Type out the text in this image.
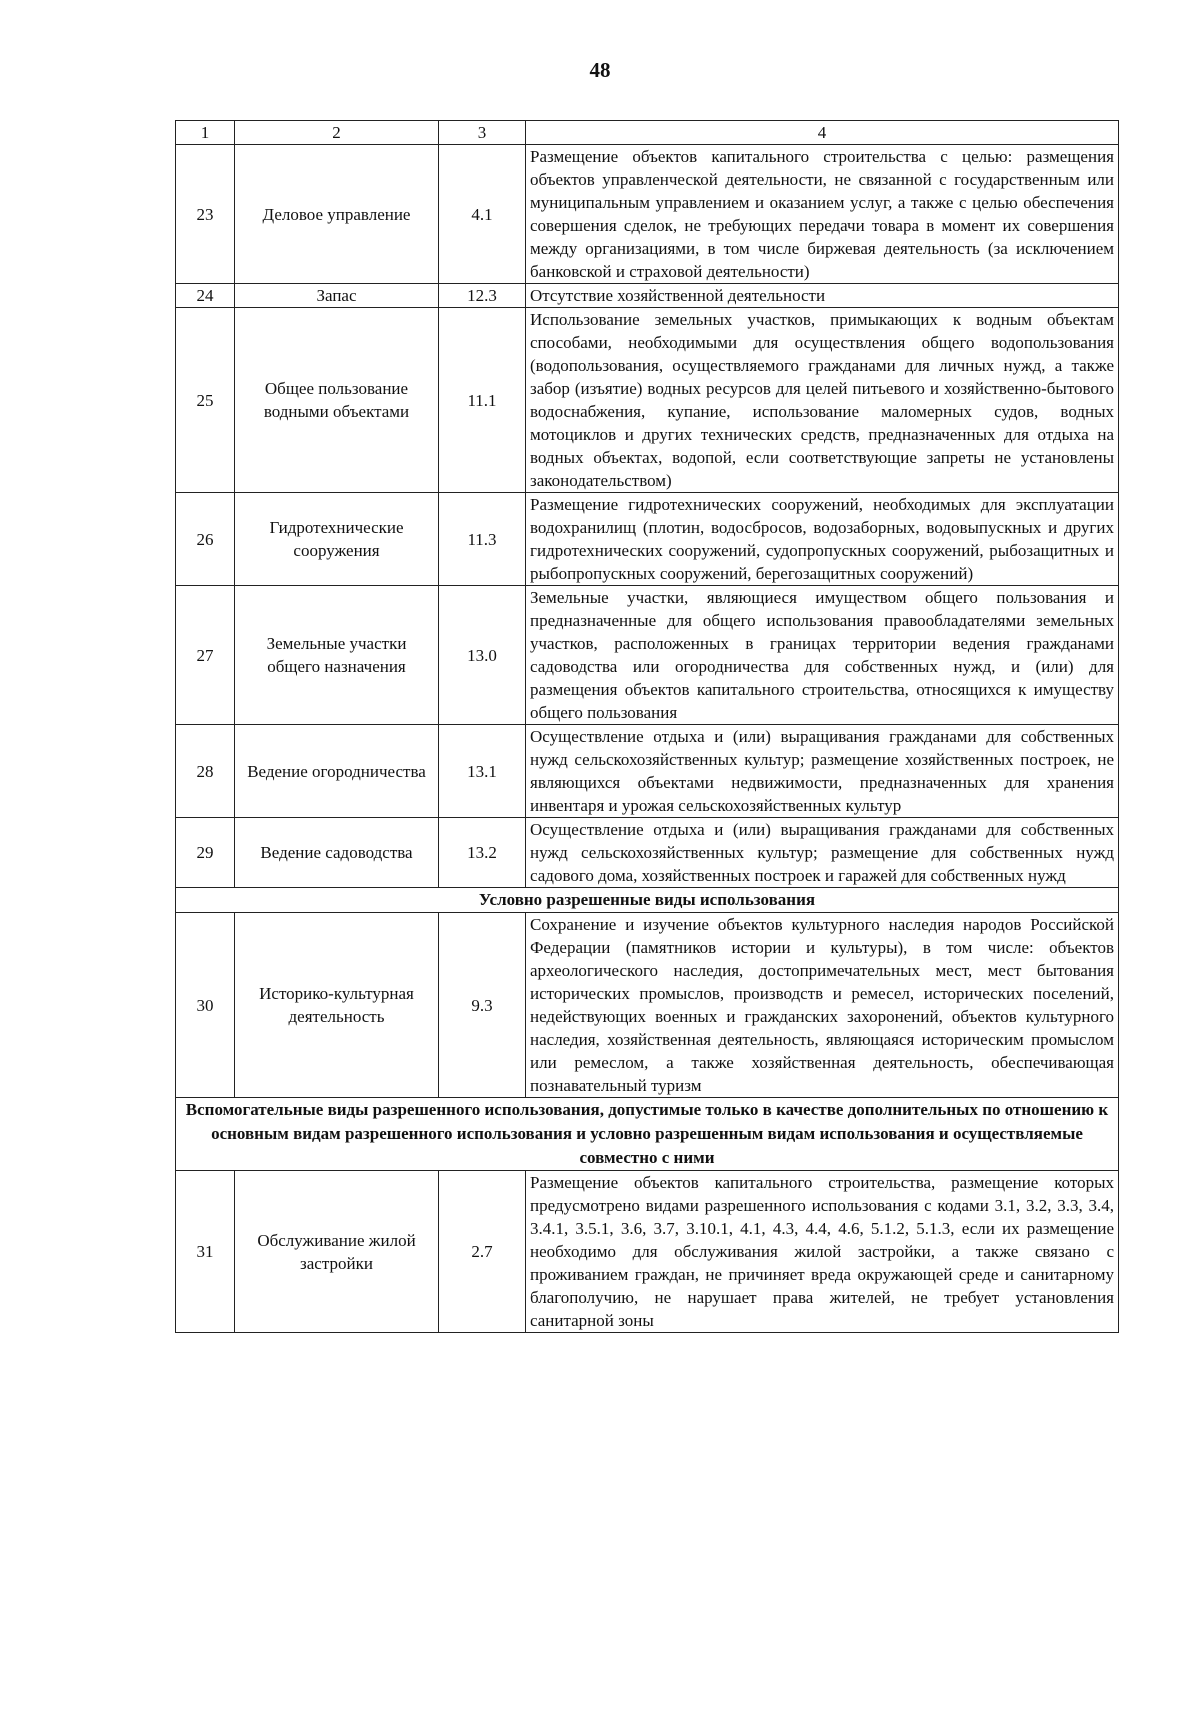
48
1	2	3	4
23	Деловое управление	4.1	Размещение объектов капитального строительства с целью: размещения объектов управленческой деятельности, не связанной с государственным или муниципальным управлением и оказанием услуг, а также с целью обеспечения совершения сделок, не требующих передачи товара в момент их совершения между организациями, в том числе биржевая деятельность (за исключением банковской и страховой деятельности)
24	Запас	12.3	Отсутствие хозяйственной деятельности
25	Общее пользование водными объектами	11.1	Использование земельных участков, примыкающих к водным объектам способами, необходимыми для осуществления общего водопользования (водопользования, осуществляемого гражданами для личных нужд, а также забор (изъятие) водных ресурсов для целей питьевого и хозяйственно-бытового водоснабжения, купание, использование маломерных судов, водных мотоциклов и других технических средств, предназначенных для отдыха на водных объектах, водопой, если соответствующие запреты не установлены законодательством)
26	Гидротехнические сооружения	11.3	Размещение гидротехнических сооружений, необходимых для эксплуатации водохранилищ (плотин, водосбросов, водозаборных, водовыпускных и других гидротехнических сооружений, судопропускных сооружений, рыбозащитных и рыбопропускных сооружений, берегозащитных сооружений)
27	Земельные участки общего назначения	13.0	Земельные участки, являющиеся имуществом общего пользования и предназначенные для общего использования правообладателями земельных участков, расположенных в границах территории ведения гражданами садоводства или огородничества для собственных нужд, и (или) для размещения объектов капитального строительства, относящихся к имуществу общего пользования
28	Ведение огородничества	13.1	Осуществление отдыха и (или) выращивания гражданами для собственных нужд сельскохозяйственных культур; размещение хозяйственных построек, не являющихся объектами недвижимости, предназначенных для хранения инвентаря и урожая сельскохозяйственных культур
29	Ведение садоводства	13.2	Осуществление отдыха и (или) выращивания гражданами для собственных нужд сельскохозяйственных культур; размещение для собственных нужд садового дома, хозяйственных построек и гаражей для собственных нужд
Условно разрешенные виды использования			
30	Историко-культурная деятельность	9.3	Сохранение и изучение объектов культурного наследия народов Российской Федерации (памятников истории и культуры), в том числе: объектов археологического наследия, достопримечательных мест, мест бытования исторических промыслов, производств и ремесел, исторических поселений, недействующих военных и гражданских захоронений, объектов культурного наследия, хозяйственная деятельность, являющаяся историческим промыслом или ремеслом, а также хозяйственная деятельность, обеспечивающая познавательный туризм
Вспомогательные виды разрешенного использования, допустимые только в качестве дополнительных по отношению к основным видам разрешенного использования и условно разрешенным видам использования и осуществляемые совместно с ними			
31	Обслуживание жилой застройки	2.7	Размещение объектов капитального строительства, размещение которых предусмотрено видами разрешенного использования с кодами 3.1, 3.2, 3.3, 3.4, 3.4.1, 3.5.1, 3.6, 3.7, 3.10.1, 4.1, 4.3, 4.4, 4.6, 5.1.2, 5.1.3, если их размещение необходимо для обслуживания жилой застройки, а также связано с проживанием граждан, не причиняет вреда окружающей среде и санитарному благополучию, не нарушает права жителей, не требует установления санитарной зоны
